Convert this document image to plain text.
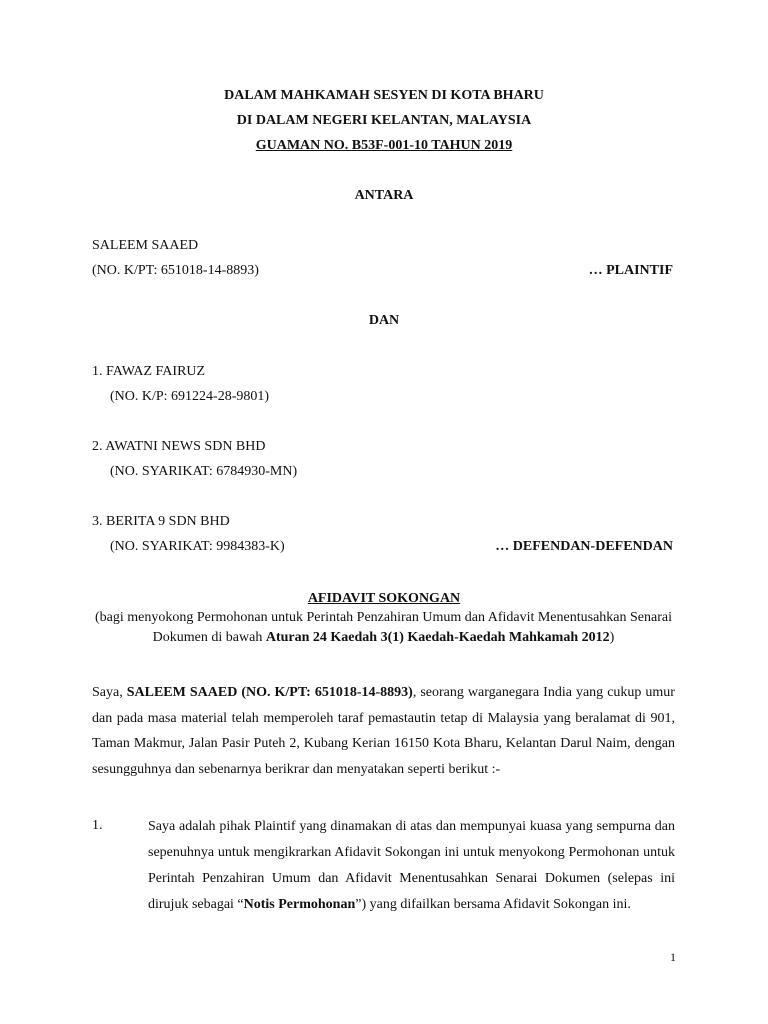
DALAM MAHKAMAH SESYEN DI KOTA BHARU
DI DALAM NEGERI KELANTAN, MALAYSIA
GUAMAN NO. B53F-001-10 TAHUN 2019
ANTARA
SALEEM SAAED
(NO. K/PT: 651018-14-8893)	… PLAINTIF
DAN
1. FAWAZ FAIRUZ
(NO. K/P: 691224-28-9801)
2. AWATNI NEWS SDN BHD
(NO. SYARIKAT: 6784930-MN)
3. BERITA 9 SDN BHD
(NO. SYARIKAT: 9984383-K)	… DEFENDAN-DEFENDAN
AFIDAVIT SOKONGAN
(bagi menyokong Permohonan untuk Perintah Penzahiran Umum dan Afidavit Menentusahkan Senarai Dokumen di bawah Aturan 24 Kaedah 3(1) Kaedah-Kaedah Mahkamah 2012)
Saya, SALEEM SAAED (NO. K/PT: 651018-14-8893), seorang warganegara India yang cukup umur dan pada masa material telah memperoleh taraf pemastautin tetap di Malaysia yang beralamat di 901, Taman Makmur, Jalan Pasir Puteh 2, Kubang Kerian 16150 Kota Bharu, Kelantan Darul Naim, dengan sesungguhnya dan sebenarnya berikrar dan menyatakan seperti berikut :-
1.	Saya adalah pihak Plaintif yang dinamakan di atas dan mempunyai kuasa yang sempurna dan sepenuhnya untuk mengikrarkan Afidavit Sokongan ini untuk menyokong Permohonan untuk Perintah Penzahiran Umum dan Afidavit Menentusahkan Senarai Dokumen (selepas ini dirujuk sebagai “Notis Permohonan”) yang difailkan bersama Afidavit Sokongan ini.
1
